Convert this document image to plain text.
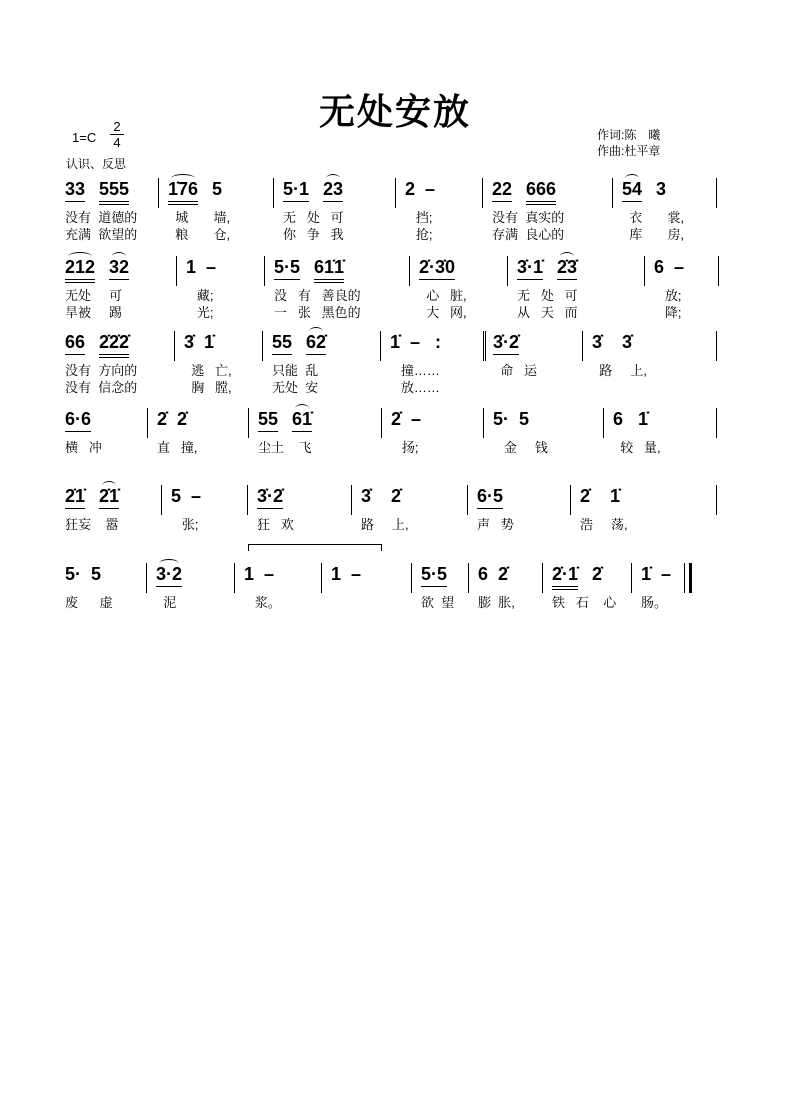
无处安放
$1=C \frac{2}{4}$
认识、反思
作词:陈　曦
作曲:杜平章
33 555
没有  道德的
充满  欲望的
1̇76 5
城       墙,
粮       仓,
5·1 23
无   处   可
你   争   我
2  –
挡;
抢;
22 666
没有  真实的
存满  良心的
54 3
衣       裳,
库       房,
212 32
无处     可
旱被     踢
1  –
藏;
光;
5·5 61̇1̇
没   有   善良的
一   张   黑色的
2̇·3̇0
心   脏,
大   网,
3̇·1̇ 2̇3̇
无   处   可
从   天   而
6  –
放;
降;
66 2̇2̇2̇
没有  方向的
没有  信念的
3̇  1̇
逃   亡,
胸   膛,
55 62̇
只能  乱
无处  安
1̇  –   :
撞……
放……
3̇·2̇
命   运
3̇    3̇
路     上,
6·6
横   冲
2̇  2̇
直   撞,
55 61̇
尘土    飞
2̇  –
扬;
5·  5
金     钱
6   1̇
较   量,
2̇1̇ 2̇1̇
狂妄    嚣
5  –
张;
3̇·2̇
狂   欢
3̇    2̇
路     上,
6·5
声   势
2̇    1̇
浩     荡,
5·  5
废      虚
3·2
泥
1  –
浆。
1  –	5·5
欲  望
6  2̇
膨  胀,
2̇·1̇ 2̇
铁   石    心
1̇  –
肠。
